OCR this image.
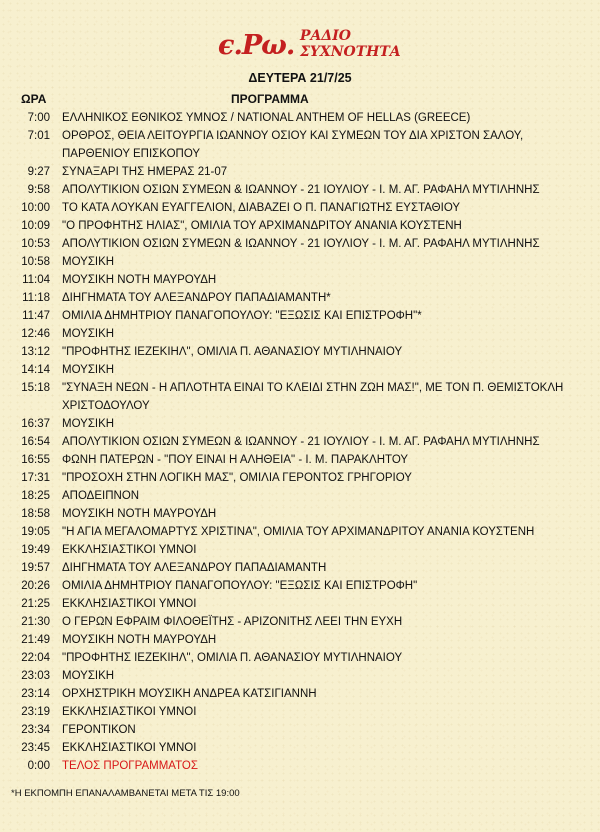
ϵ.Ρω. ΡΑΔΙΟ
ΣΥΧΝΟΤΗΤΑ
ΔΕΥΤΕΡΑ 21/7/25
ΩΡΑ	ΠΡΟΓΡΑΜΜΑ
7:00 ΕΛΛΗΝΙΚΟΣ ΕΘΝΙΚΟΣ ΥΜΝΟΣ / NATIONAL ANTHEM OF HELLAS (GREECE)
7:01 ΟΡΘΡΟΣ, ΘΕΙΑ ΛΕΙΤΟΥΡΓΙΑ ΙΩΑΝΝΟΥ ΟΣΙΟΥ ΚΑΙ ΣΥΜΕΩΝ ΤΟΥ ΔΙΑ ΧΡΙΣΤΟΝ ΣΑΛΟΥ, ΠΑΡΘΕΝΙΟΥ ΕΠΙΣΚΟΠΟΥ
9:27 ΣΥΝΑΞΑΡΙ ΤΗΣ ΗΜΕΡΑΣ 21-07
9:58 ΑΠΟΛΥΤΙΚΙΟΝ ΟΣΙΩΝ ΣΥΜΕΩΝ & ΙΩΑΝΝΟΥ - 21 ΙΟΥΛΙΟΥ - Ι. Μ. ΑΓ. ΡΑΦΑΗΛ ΜΥΤΙΛΗΝΗΣ
10:00 ΤΟ ΚΑΤΑ ΛΟΥΚΑΝ ΕΥΑΓΓΕΛΙΟΝ, ΔΙΑΒΑΖΕΙ Ο Π. ΠΑΝΑΓΙΩΤΗΣ ΕΥΣΤΑΘΙΟΥ
10:09 "Ο ΠΡΟΦΗΤΗΣ ΗΛΙΑΣ", ΟΜΙΛΙΑ ΤΟΥ ΑΡΧΙΜΑΝΔΡΙΤΟΥ ΑΝΑΝΙΑ ΚΟΥΣΤΕΝΗ
10:53 ΑΠΟΛΥΤΙΚΙΟΝ ΟΣΙΩΝ ΣΥΜΕΩΝ & ΙΩΑΝΝΟΥ - 21 ΙΟΥΛΙΟΥ - Ι. Μ. ΑΓ. ΡΑΦΑΗΛ ΜΥΤΙΛΗΝΗΣ
10:58 ΜΟΥΣΙΚΗ
11:04 ΜΟΥΣΙΚΗ ΝΟΤΗ ΜΑΥΡΟΥΔΗ
11:18 ΔΙΗΓΗΜΑΤΑ ΤΟΥ ΑΛΕΞΑΝΔΡΟΥ ΠΑΠΑΔΙΑΜΑΝΤΗ*
11:47 ΟΜΙΛΙΑ ΔΗΜΗΤΡΙΟΥ ΠΑΝΑΓΟΠΟΥΛΟΥ: "ΕΞΩΣΙΣ ΚΑΙ ΕΠΙΣΤΡΟΦΗ"*
12:46 ΜΟΥΣΙΚΗ
13:12 "ΠΡΟΦΗΤΗΣ ΙΕΖΕΚΙΗΛ", ΟΜΙΛΙΑ Π. ΑΘΑΝΑΣΙΟΥ ΜΥΤΙΛΗΝΑΙΟΥ
14:14 ΜΟΥΣΙΚΗ
15:18 "ΣΥΝΑΞΗ ΝΕΩΝ - Η ΑΠΛΟΤΗΤΑ ΕΙΝΑΙ ΤΟ ΚΛΕΙΔΙ ΣΤΗΝ ΖΩΗ ΜΑΣ!", ΜΕ ΤΟΝ Π. ΘΕΜΙΣΤΟΚΛΗ ΧΡΙΣΤΟΔΟΥΛΟΥ
16:37 ΜΟΥΣΙΚΗ
16:54 ΑΠΟΛΥΤΙΚΙΟΝ ΟΣΙΩΝ ΣΥΜΕΩΝ & ΙΩΑΝΝΟΥ - 21 ΙΟΥΛΙΟΥ - Ι. Μ. ΑΓ. ΡΑΦΑΗΛ ΜΥΤΙΛΗΝΗΣ
16:55 ΦΩΝΗ ΠΑΤΕΡΩΝ - "ΠΟΥ ΕΙΝΑΙ Η ΑΛΗΘΕΙΑ" - Ι. Μ. ΠΑΡΑΚΛΗΤΟΥ
17:31 "ΠΡΟΣΟΧΗ ΣΤΗΝ ΛΟΓΙΚΗ ΜΑΣ", ΟΜΙΛΙΑ ΓΕΡΟΝΤΟΣ ΓΡΗΓΟΡΙΟΥ
18:25 ΑΠΟΔΕΙΠΝΟΝ
18:58 ΜΟΥΣΙΚΗ ΝΟΤΗ ΜΑΥΡΟΥΔΗ
19:05 "Η ΑΓΙΑ ΜΕΓΑΛΟΜΑΡΤΥΣ ΧΡΙΣΤΙΝΑ", ΟΜΙΛΙΑ ΤΟΥ ΑΡΧΙΜΑΝΔΡΙΤΟΥ ΑΝΑΝΙΑ ΚΟΥΣΤΕΝΗ
19:49 ΕΚΚΛΗΣΙΑΣΤΙΚΟΙ ΥΜΝΟΙ
19:57 ΔΙΗΓΗΜΑΤΑ ΤΟΥ ΑΛΕΞΑΝΔΡΟΥ ΠΑΠΑΔΙΑΜΑΝΤΗ
20:26 ΟΜΙΛΙΑ ΔΗΜΗΤΡΙΟΥ ΠΑΝΑΓΟΠΟΥΛΟΥ: "ΕΞΩΣΙΣ ΚΑΙ ΕΠΙΣΤΡΟΦΗ"
21:25 ΕΚΚΛΗΣΙΑΣΤΙΚΟΙ ΥΜΝΟΙ
21:30 Ο ΓΕΡΩΝ ΕΦΡΑΙΜ ΦΙΛΟΘΕΪΤΗΣ - ΑΡΙΖΟΝΙΤΗΣ ΛΕΕΙ ΤΗΝ ΕΥΧΗ
21:49 ΜΟΥΣΙΚΗ ΝΟΤΗ ΜΑΥΡΟΥΔΗ
22:04 "ΠΡΟΦΗΤΗΣ ΙΕΖΕΚΙΗΛ", ΟΜΙΛΙΑ Π. ΑΘΑΝΑΣΙΟΥ ΜΥΤΙΛΗΝΑΙΟΥ
23:03 ΜΟΥΣΙΚΗ
23:14 ΟΡΧΗΣΤΡΙΚΗ ΜΟΥΣΙΚΗ ΑΝΔΡΕΑ ΚΑΤΣΙΓΙΑΝΝΗ
23:19 ΕΚΚΛΗΣΙΑΣΤΙΚΟΙ ΥΜΝΟΙ
23:34 ΓΕΡΟΝΤΙΚΟΝ
23:45 ΕΚΚΛΗΣΙΑΣΤΙΚΟΙ ΥΜΝΟΙ
0:00 ΤΕΛΟΣ ΠΡΟΓΡΑΜΜΑΤΟΣ
*Η ΕΚΠΟΜΠΗ ΕΠΑΝΑΛΑΜΒΑΝΕΤΑΙ ΜΕΤΑ ΤΙΣ 19:00
